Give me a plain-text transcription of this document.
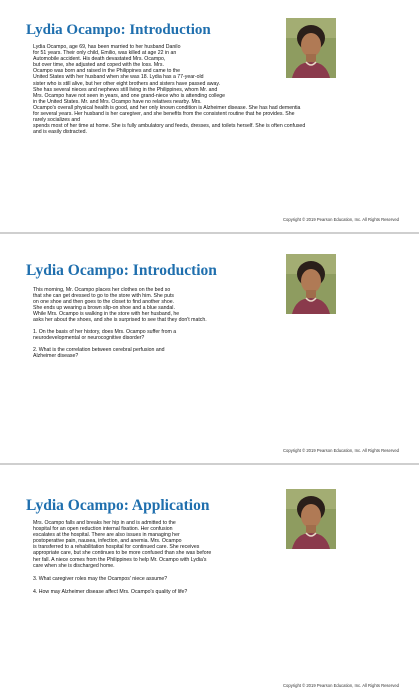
Lydia Ocampo: Introduction
Lydia Ocampo, age 69, has been married to her husband Danilo
for 51 years. Their only child, Emilio, was killed at age 22 in an
Automobile accident. His death devastated Mrs. Ocampo,
but over time, she adjusted and coped with the loss. Mrs.
Ocampo was born and raised in the Philippines and came to the
United States with her husband when she was 18. Lydia has a 77-year-old
sister who is still alive, but her other eight brothers and sisters have passed away.
She has several nieces and nephews still living in the Philippines, whom Mr. and
Mrs. Ocampo have not seen in years, and one grand-niece who is attending college
in the United States. Mr. and Mrs. Ocampo have no relatives nearby. Mrs.
Ocampo's overall physical health is good, and her only known condition is Alzheimer disease. She has had dementia
for several years. Her husband is her caregiver, and she benefits from the consistent routine that he provides. She
rarely socializes and
spends most of her time at home. She is fully ambulatory and feeds, dresses, and toilets herself. She is often confused
and is easily distracted.
Copyright © 2019 Pearson Education, Inc. All Rights Reserved
Lydia Ocampo: Introduction
This morning, Mr. Ocampo places her clothes on the bed so
that she can get dressed to go to the store with him. She puts
on one shoe and then goes to the closet to find another shoe.
She ends up wearing a brown slip-on shoe and a blue sandal.
While Mrs. Ocampo is walking in the store with her husband, he
asks her about the shoes, and she is surprised to see that they don't match.
1. On the basis of her history, does Mrs. Ocampo suffer from a
neurodevelopmental or neurocognitive disorder?
2. What is the correlation between cerebral perfusion and
Alzheimer disease?
Copyright © 2019 Pearson Education, Inc. All Rights Reserved
Lydia Ocampo: Application
Mrs. Ocampo falls and breaks her hip in and is admitted to the
hospital for an open reduction internal fixation. Her confusion
escalates at the hospital. There are also issues in managing her
postoperative pain, nausea, infection, and anemia. Mrs. Ocampo
is transferred to a rehabilitation hospital for continued care. She receives
appropriate care, but she continues to be more confused than she was before
her fall. A niece comes from the Philippines to help Mr. Ocampo with Lydia's
care when she is discharged home.
3. What caregiver roles may the Ocampos' niece assume?
4. How may Alzheimer disease affect Mrs. Ocampo's quality of life?
Copyright © 2019 Pearson Education, Inc. All Rights Reserved
